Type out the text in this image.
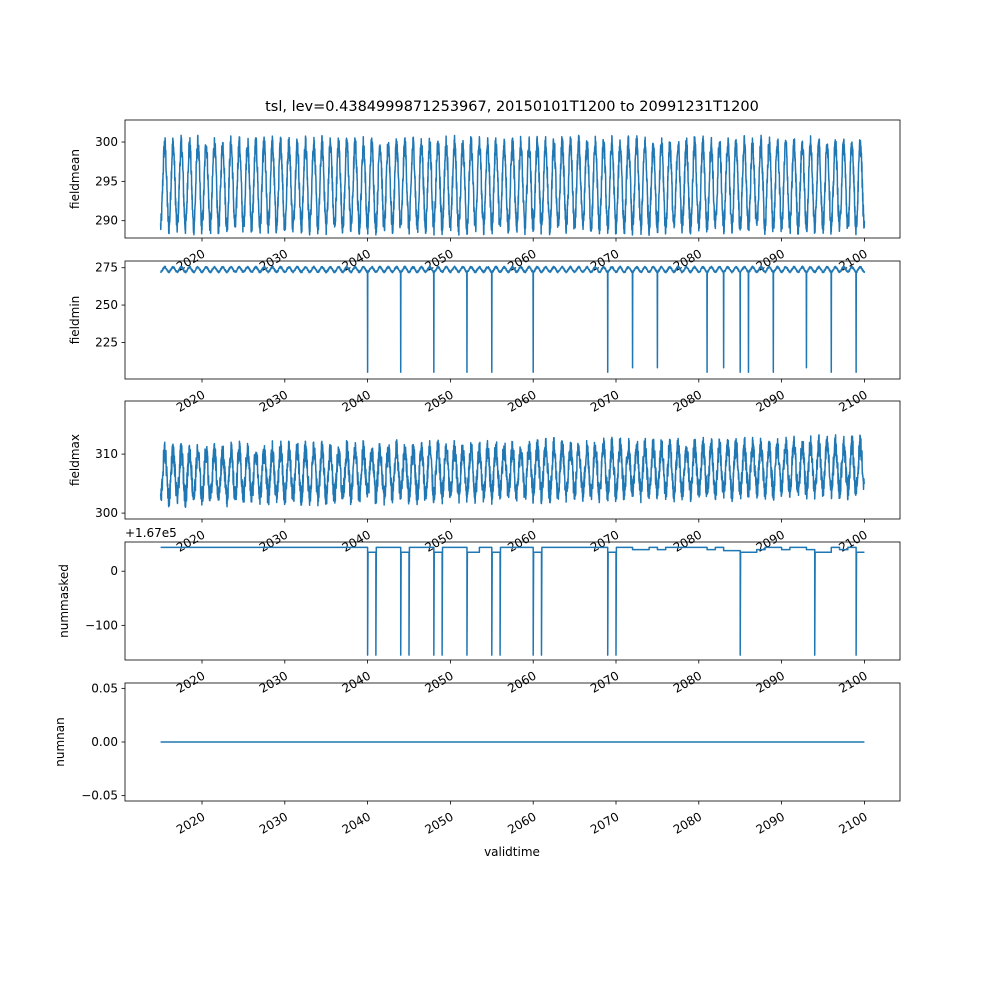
tsl, lev=0.4384999871253967, 20150101T1200 to 20991231T1200
290
295
300
2020	2030	2040	2050	2060	2070	2080	2090	2100
fieldmean
225
250
275
2020	2030	2040	2050	2060	2070	2080	2090	2100
fieldmin
300
310
2020	2030	2040	2050	2060	2070	2080	2090	2100
fieldmax
−100
0
2020	2030	2040	2050	2060	2070	2080	2090	2100
nummasked
+1.67e5
−0.05
0.00
0.05
2020	2030	2040	2050	2060	2070	2080	2090	2100
numnan
validtime
